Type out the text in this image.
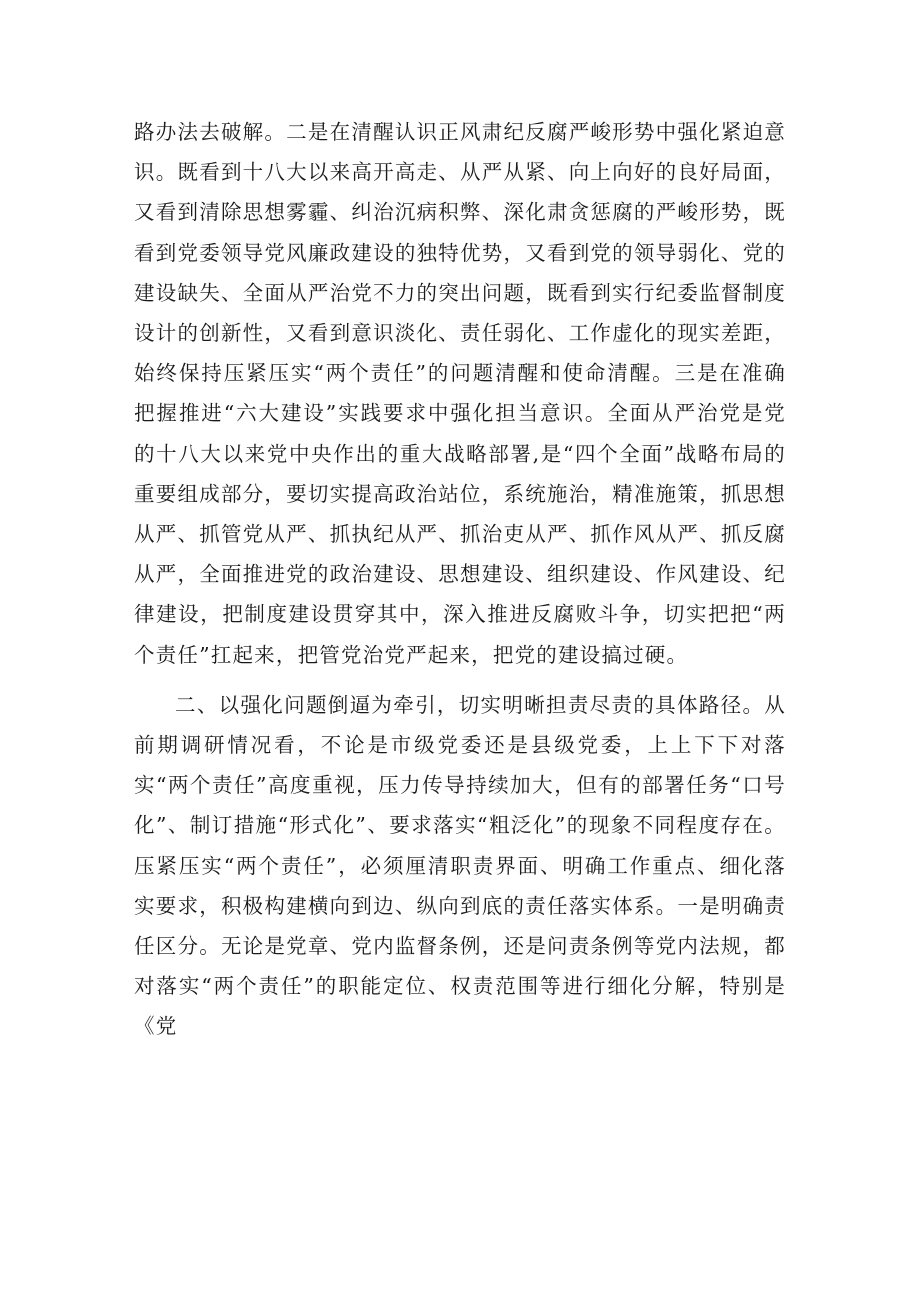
路办法去破解。二是在清醒认识正风肃纪反腐严峻形势中强化紧迫意识。既看到十八大以来高开高走、从严从紧、向上向好的良好局面，又看到清除思想雾霾、纠治沉病积弊、深化肃贪惩腐的严峻形势，既看到党委领导党风廉政建设的独特优势，又看到党的领导弱化、党的建设缺失、全面从严治党不力的突出问题，既看到实行纪委监督制度设计的创新性，又看到意识淡化、责任弱化、工作虚化的现实差距，始终保持压紧压实“两个责任”的问题清醒和使命清醒。三是在准确把握推进“六大建设”实践要求中强化担当意识。全面从严治党是党的十八大以来党中央作出的重大战略部署,是“四个全面”战略布局的重要组成部分，要切实提高政治站位，系统施治，精准施策，抓思想从严、抓管党从严、抓执纪从严、抓治吏从严、抓作风从严、抓反腐从严，全面推进党的政治建设、思想建设、组织建设、作风建设、纪律建设，把制度建设贯穿其中，深入推进反腐败斗争，切实把把“两个责任”扛起来，把管党治党严起来，把党的建设搞过硬。

二、以强化问题倒逼为牵引，切实明晰担责尽责的具体路径。从前期调研情况看，不论是市级党委还是县级党委，上上下下对落实“两个责任”高度重视，压力传导持续加大，但有的部署任务“口号化”、制订措施“形式化”、要求落实“粗泛化”的现象不同程度存在。压紧压实“两个责任”，必须厘清职责界面、明确工作重点、细化落实要求，积极构建横向到边、纵向到底的责任落实体系。一是明确责任区分。无论是党章、党内监督条例，还是问责条例等党内法规，都对落实“两个责任”的职能定位、权责范围等进行细化分解，特别是《党
